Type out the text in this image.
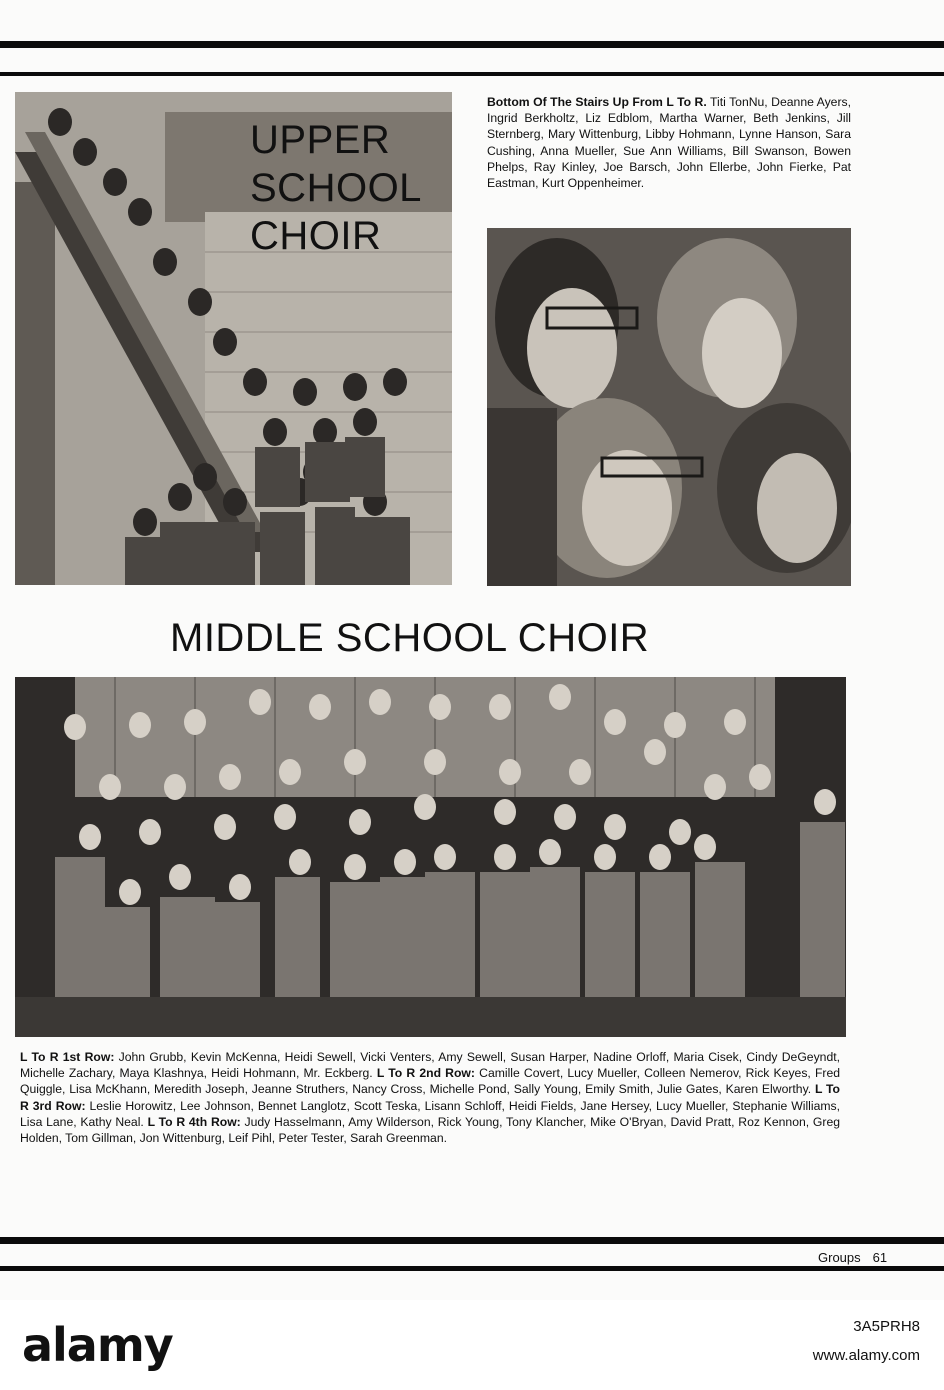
UPPER
SCHOOL
CHOIR
Bottom Of The Stairs Up From L To R. Titi TonNu, Deanne Ayers, Ingrid Berkholtz, Liz Edblom, Martha Warner, Beth Jenkins, Jill Sternberg, Mary Wittenburg, Libby Hohmann, Lynne Hanson, Sara Cushing, Anna Mueller, Sue Ann Williams, Bill Swanson, Bowen Phelps, Ray Kinley, Joe Barsch, John Ellerbe, John Fierke, Pat Eastman, Kurt Oppenheimer.
MIDDLE SCHOOL CHOIR
L To R 1st Row: John Grubb, Kevin McKenna, Heidi Sewell, Vicki Venters, Amy Sewell, Susan Harper, Nadine Orloff, Maria Cisek, Cindy DeGeyndt, Michelle Zachary, Maya Klashnya, Heidi Hohmann, Mr. Eckberg. L To R 2nd Row: Camille Covert, Lucy Mueller, Colleen Nemerov, Rick Keyes, Fred Quiggle, Lisa McKhann, Meredith Joseph, Jeanne Struthers, Nancy Cross, Michelle Pond, Sally Young, Emily Smith, Julie Gates, Karen Elworthy. L To R 3rd Row: Leslie Horowitz, Lee Johnson, Bennet Langlotz, Scott Teska, Lisann Schloff, Heidi Fields, Jane Hersey, Lucy Mueller, Stephanie Williams, Lisa Lane, Kathy Neal. L To R 4th Row: Judy Hasselmann, Amy Wilderson, Rick Young, Tony Klancher, Mike O'Bryan, David Pratt, Roz Kennon, Greg Holden, Tom Gillman, Jon Wittenburg, Leif Pihl, Peter Tester, Sarah Greenman.
Groups 61
alamy	3A5PRH8
www.alamy.com
